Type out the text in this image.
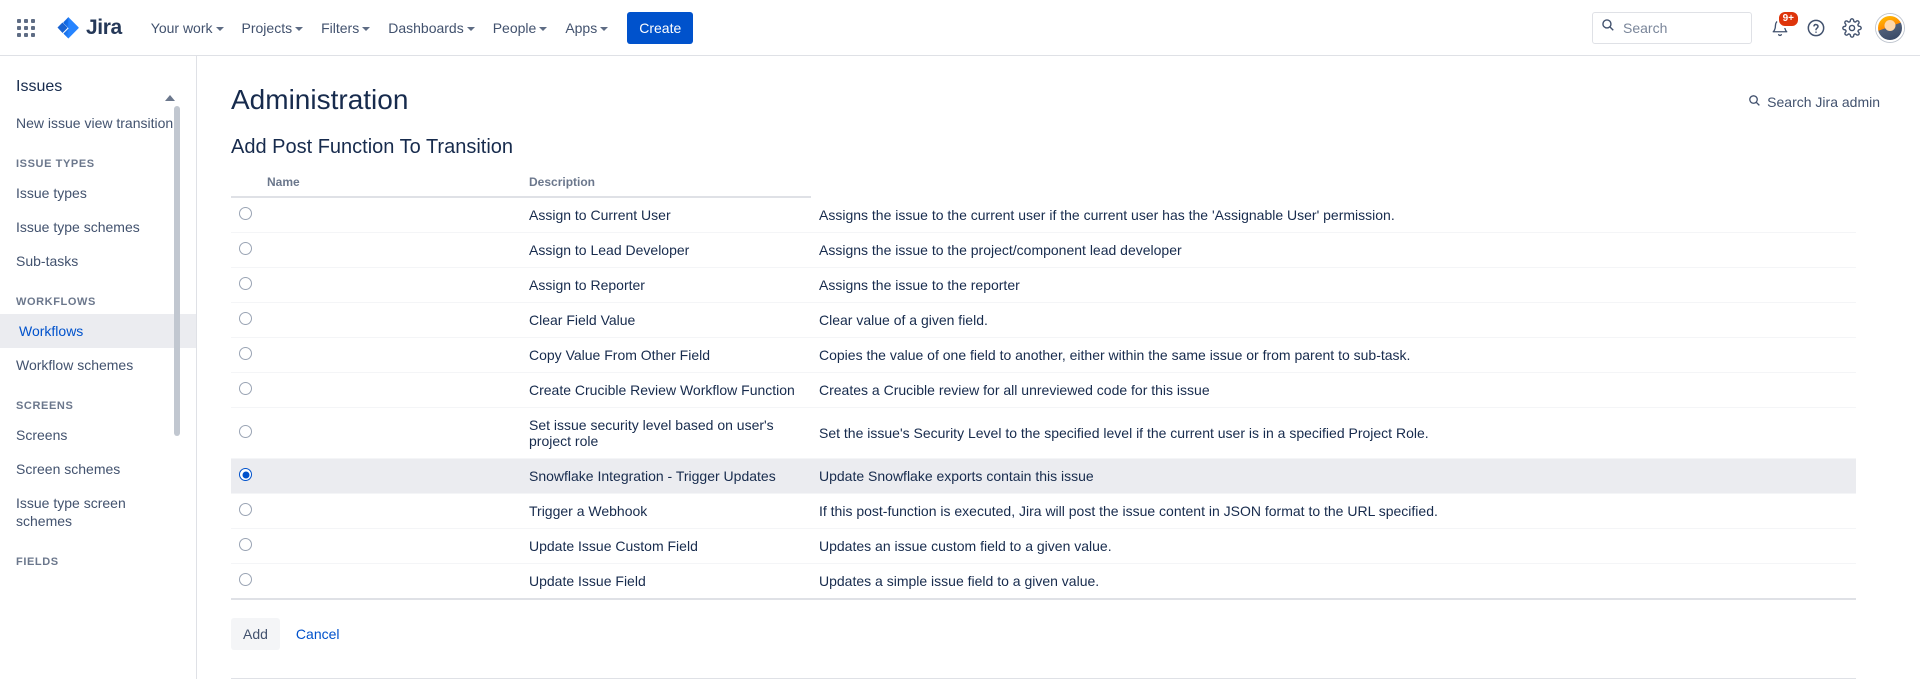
Jira Your work Projects Filters Dashboards People Apps	Create
Search
9+
Issues
New issue view transition
ISSUE TYPES
Issue types
Issue type schemes
Sub-tasks
WORKFLOWS
Workflows
Workflow schemes
SCREENS
Screens
Screen schemes
Issue type screen schemes
FIELDS
Administration	Search Jira admin
Add Post Function To Transition
Name	Description	
	Assign to Current User	Assigns the issue to the current user if the current user has the 'Assignable User' permission.
	Assign to Lead Developer	Assigns the issue to the project/component lead developer
	Assign to Reporter	Assigns the issue to the reporter
	Clear Field Value	Clear value of a given field.
	Copy Value From Other Field	Copies the value of one field to another, either within the same issue or from parent to sub-task.
	Create Crucible Review Workflow Function	Creates a Crucible review for all unreviewed code for this issue
	Set issue security level based on user's project role	Set the issue's Security Level to the specified level if the current user is in a specified Project Role.
	Snowflake Integration - Trigger Updates	Update Snowflake exports contain this issue
	Trigger a Webhook	If this post-function is executed, Jira will post the issue content in JSON format to the URL specified.
	Update Issue Custom Field	Updates an issue custom field to a given value.
	Update Issue Field	Updates a simple issue field to a given value.
Add	Cancel
